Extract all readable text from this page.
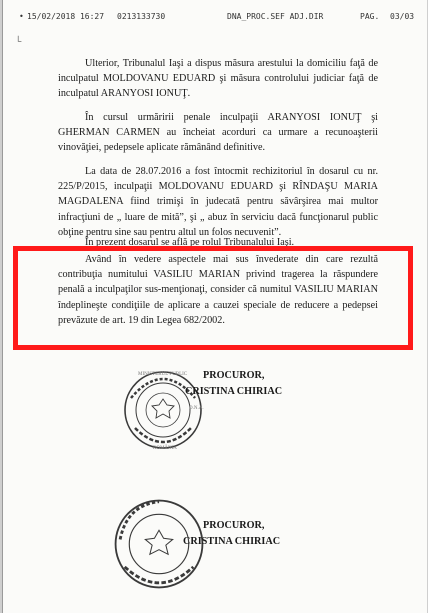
• 15/02/2018 16:27 0213133730	DNA_PROC.SEF ADJ.DIR	PAG. 03/03
└

Ulterior, Tribunalul Iaşi a dispus măsura arestului la domiciliu faţă de inculpatul MOLDOVANU EDUARD şi măsura controlului judiciar faţă de inculpatul ARANYOSI IONUŢ.

În cursul urmăririi penale inculpaţii ARANYOSI IONUŢ şi GHERMAN CARMEN au încheiat acorduri ca urmare a recunoaşterii vinovăţiei, pedepsele aplicate rămânând definitive.

La data de 28.07.2016 a fost întocmit rechizitoriul în dosarul cu nr. 225/P/2015, inculpaţii MOLDOVANU EDUARD şi RÎNDAŞU MARIA MAGDALENA fiind trimişi în judecată pentru săvârşirea mai multor infracţiuni de „ luare de mită”, şi „ abuz în serviciu dacă funcţionarul public obţine pentru sine sau pentru altul un folos necuvenit”.

În prezent dosarul se află pe rolul Tribunalului Iaşi.

Având în vedere aspectele mai sus învederate din care rezultă contribuţia numitului VASILIU MARIAN privind tragerea la răspundere penală a inculpaţilor sus-menţionaţi, consider că numitul VASILIU MARIAN îndeplineşte condiţiile de aplicare a cauzei speciale de reducere a pedepsei prevăzute de art. 19 din Legea 682/2002.

MINISTERUL PUBLIC
ROMÂNIA
D.N.A.
PROCUROR,
CRISTINA CHIRIAC
PROCUROR,
CRISTINA CHIRIAC
